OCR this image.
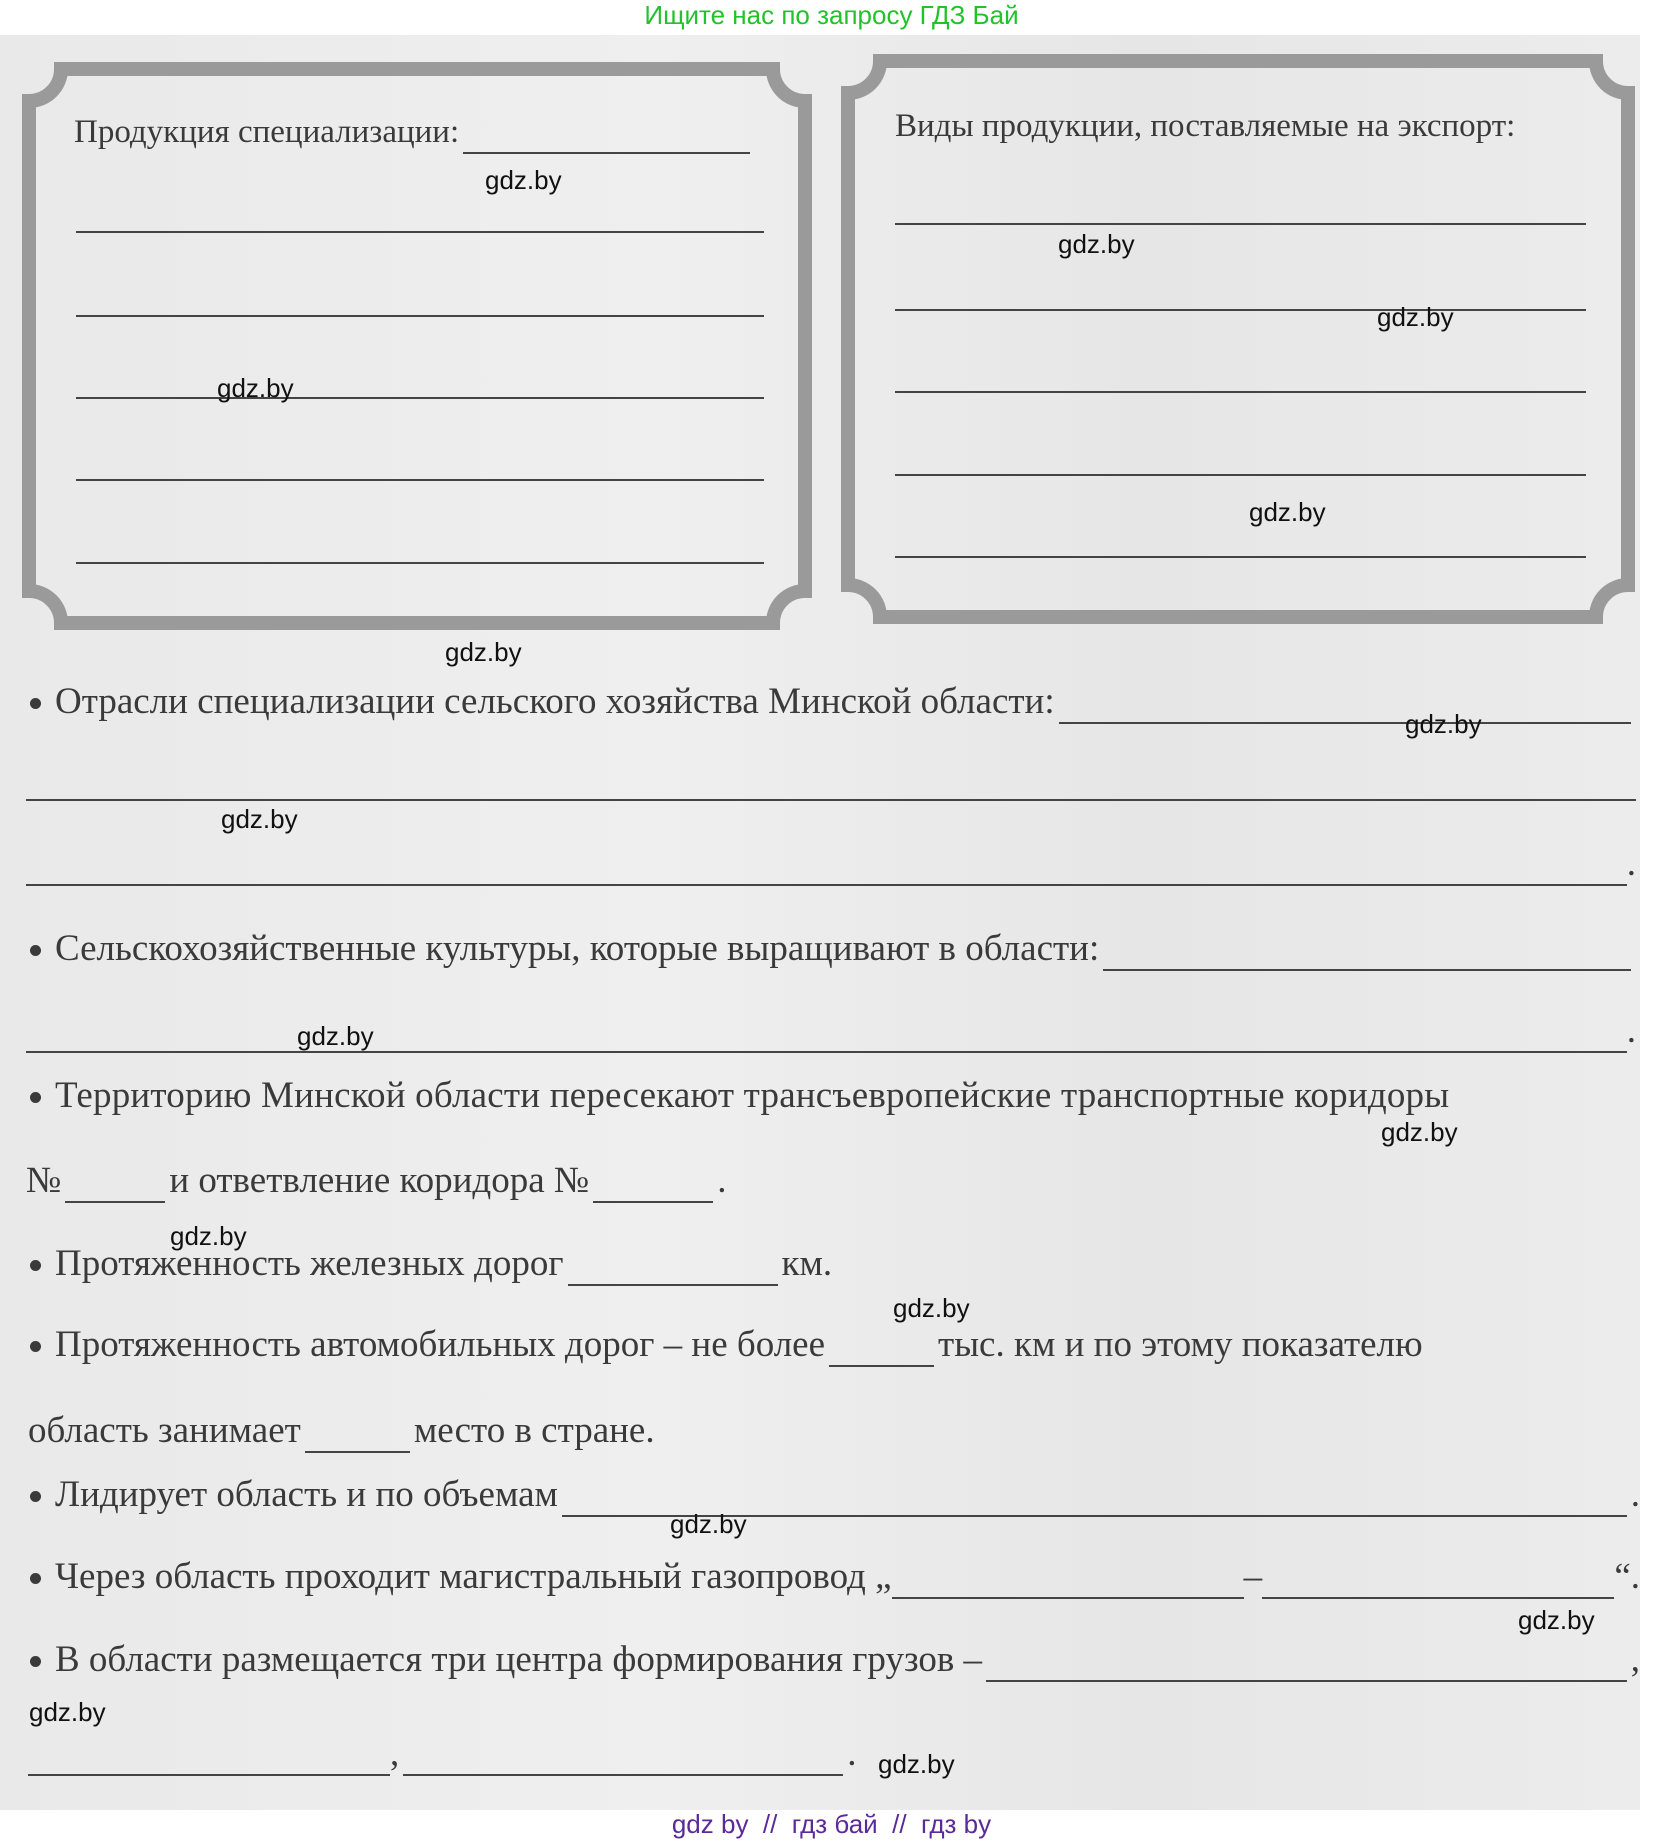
Ищите нас по запросу ГДЗ Бай
Продукция специализации:	Виды продукции, поставляемые на экспорт:
Отрасли специализации сельского хозяйства Минской области:
.
Сельскохозяйственные культуры, которые выращивают в области:
.
Территорию Минской области пересекают трансъевропейские транспортные коридоры
№	и ответвление коридора №	.
Протяженность железных дорог	км.
Протяженность автомобильных дорог – не более	тыс. км и по этому показателю
область занимает	место в стране.
Лидирует область и по объемам	.
Через область проходит магистральный газопровод „	–	“.
В области размещается три центра формирования грузов –	,
,	.
gdz.by
gdz.by
gdz.by
gdz.by
gdz.by
gdz.by
gdz.by
gdz.by
gdz.by
gdz.by
gdz.by
gdz.by
gdz.by
gdz.by
gdz.by
gdz.by
gdz by  //  гдз бай  //  гдз by
